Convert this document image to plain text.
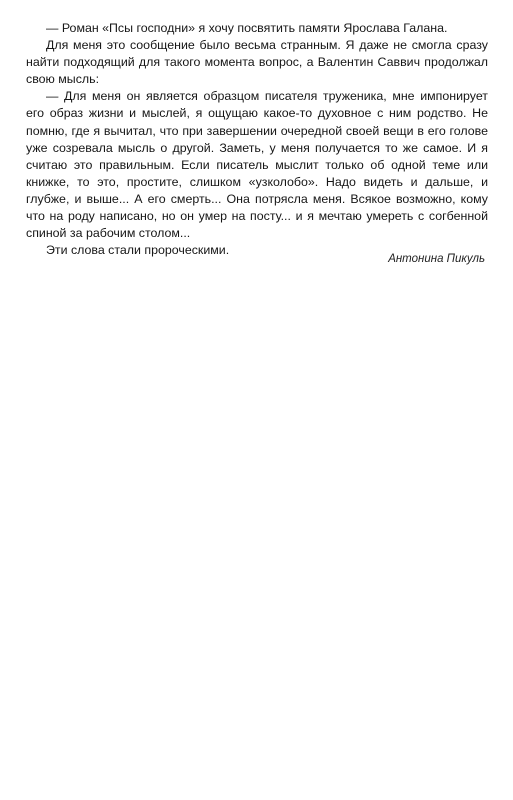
— Роман «Псы господни» я хочу посвятить памяти Ярослава Галана.

Для меня это сообщение было весьма странным. Я даже не смогла сразу найти подходящий для такого момента вопрос, а Валентин Саввич продолжал свою мысль:

— Для меня он является образцом писателя труженика, мне импонирует его образ жизни и мыслей, я ощущаю какое-то духовное с ним родство. Не помню, где я вычитал, что при завершении очередной своей вещи в его голове уже созревала мысль о другой. Заметь, у меня получается то же самое. И я считаю это правильным. Если писатель мыслит только об одной теме или книжке, то это, простите, слишком «узколобо». Надо видеть и дальше, и глубже, и выше... А его смерть... Она потрясла меня. Всякое возможно, кому что на роду написано, но он умер на посту... и я мечтаю умереть с согбенной спиной за рабочим столом...

Эти слова стали пророческими.

Антонина Пикуль
